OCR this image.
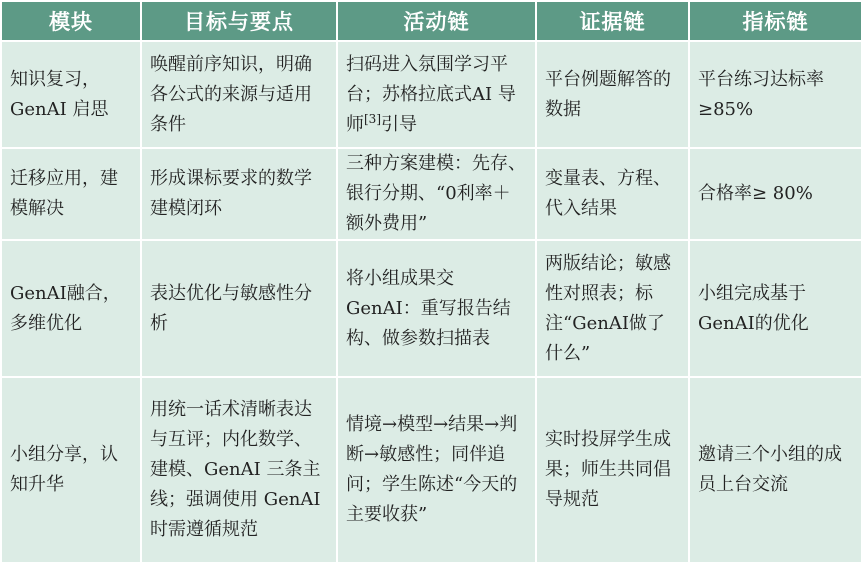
模块	目标与要点	活动链	证据链	指标链
知识复习，GenAI 启思	唤醒前序知识，明确各公式的来源与适用条件	扫码进入氛围学习平台；苏格拉底式AI 导师[3]引导	平台例题解答的数据	平台练习达标率≥85%
迁移应用，建模解决	形成课标要求的数学建模闭环	三种方案建模：先存、银行分期、“0利率＋额外费用”	变量表、方程、代入结果	合格率≥ 80%
GenAI融合，多维优化	表达优化与敏感性分析	将小组成果交GenAI：重写报告结构、做参数扫描表	两版结论；敏感性对照表；标注“GenAI做了什么”	小组完成基于GenAI的优化
小组分享，认知升华	用统一话术清晰表达与互评；内化数学、建模、GenAI 三条主线；强调使用 GenAI 时需遵循规范	情境→模型→结果→判断→敏感性；同伴追问；学生陈述“今天的主要收获”	实时投屏学生成果；师生共同倡导规范	邀请三个小组的成员上台交流
